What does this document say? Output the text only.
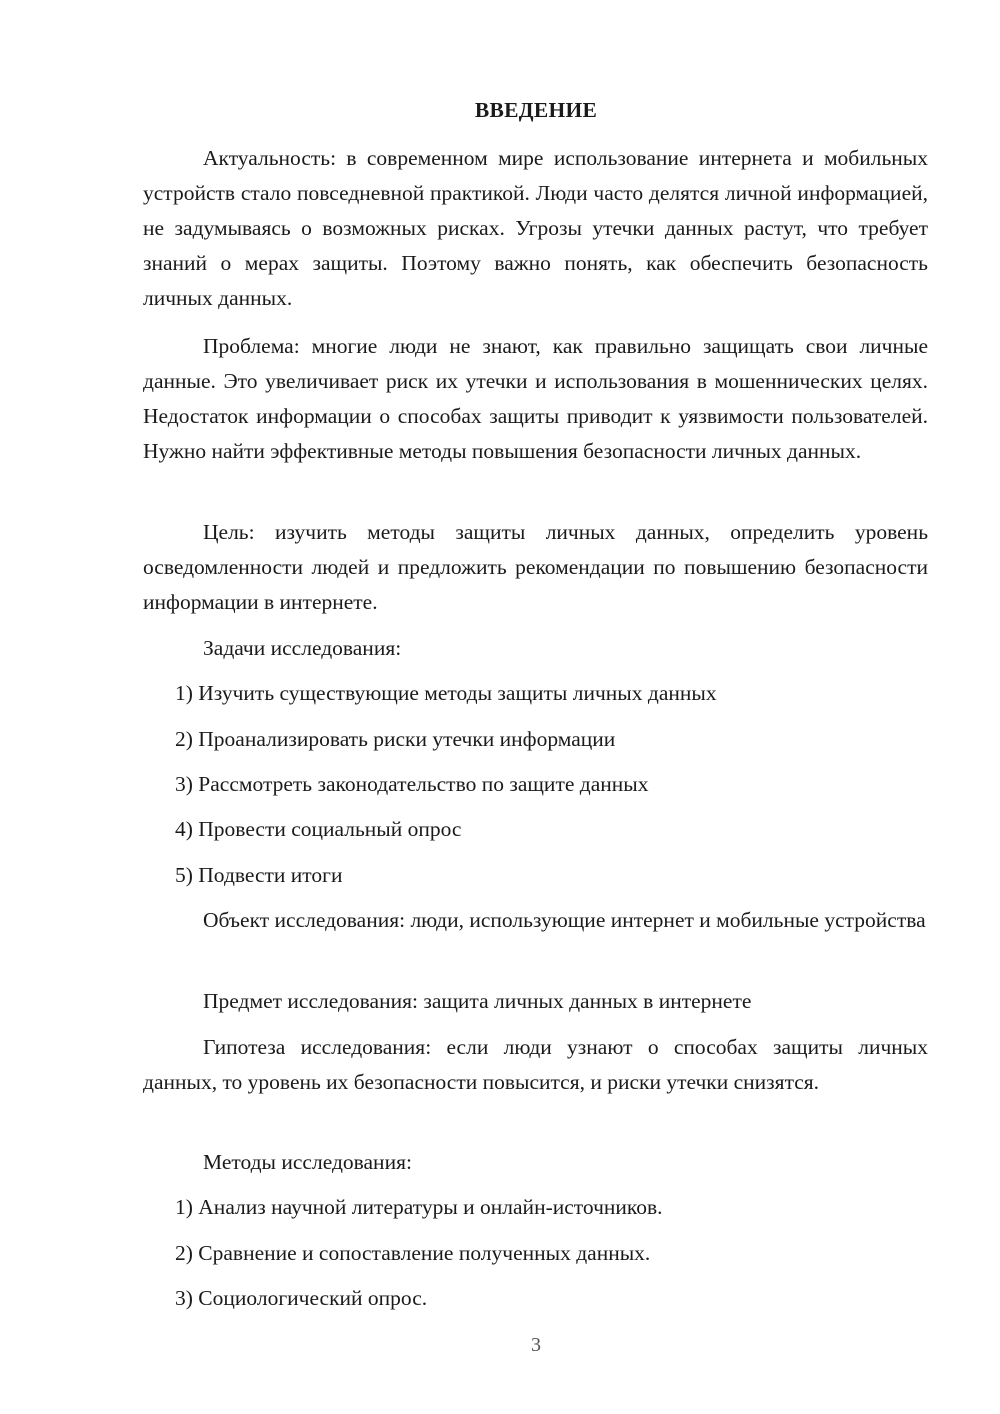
ВВЕДЕНИЕ

Актуальность: в современном мире использование интернета и мобильных устройств стало повседневной практикой. Люди часто делятся личной информацией, не задумываясь о возможных рисках. Угрозы утечки данных растут, что требует знаний о мерах защиты. Поэтому важно понять, как обеспечить безопасность личных данных.

Проблема: многие люди не знают, как правильно защищать свои личные данные. Это увеличивает риск их утечки и использования в мошеннических целях. Недостаток информации о способах защиты приводит к уязвимости пользователей. Нужно найти эффективные методы повышения безопасности личных данных.

Цель: изучить методы защиты личных данных, определить уровень осведомленности людей и предложить рекомендации по повышению безопасности информации в интернете.

Задачи исследования:

1) Изучить существующие методы защиты личных данных

2) Проанализировать риски утечки информации

3) Рассмотреть законодательство по защите данных

4) Провести социальный опрос

5) Подвести итоги

Объект исследования: люди, использующие интернет и мобильные устройства

Предмет исследования: защита личных данных в интернете

Гипотеза исследования: если люди узнают о способах защиты личных данных, то уровень их безопасности повысится, и риски утечки снизятся.

Методы исследования:

1) Анализ научной литературы и онлайн-источников.

2) Сравнение и сопоставление полученных данных.

3) Социологический опрос.

3
